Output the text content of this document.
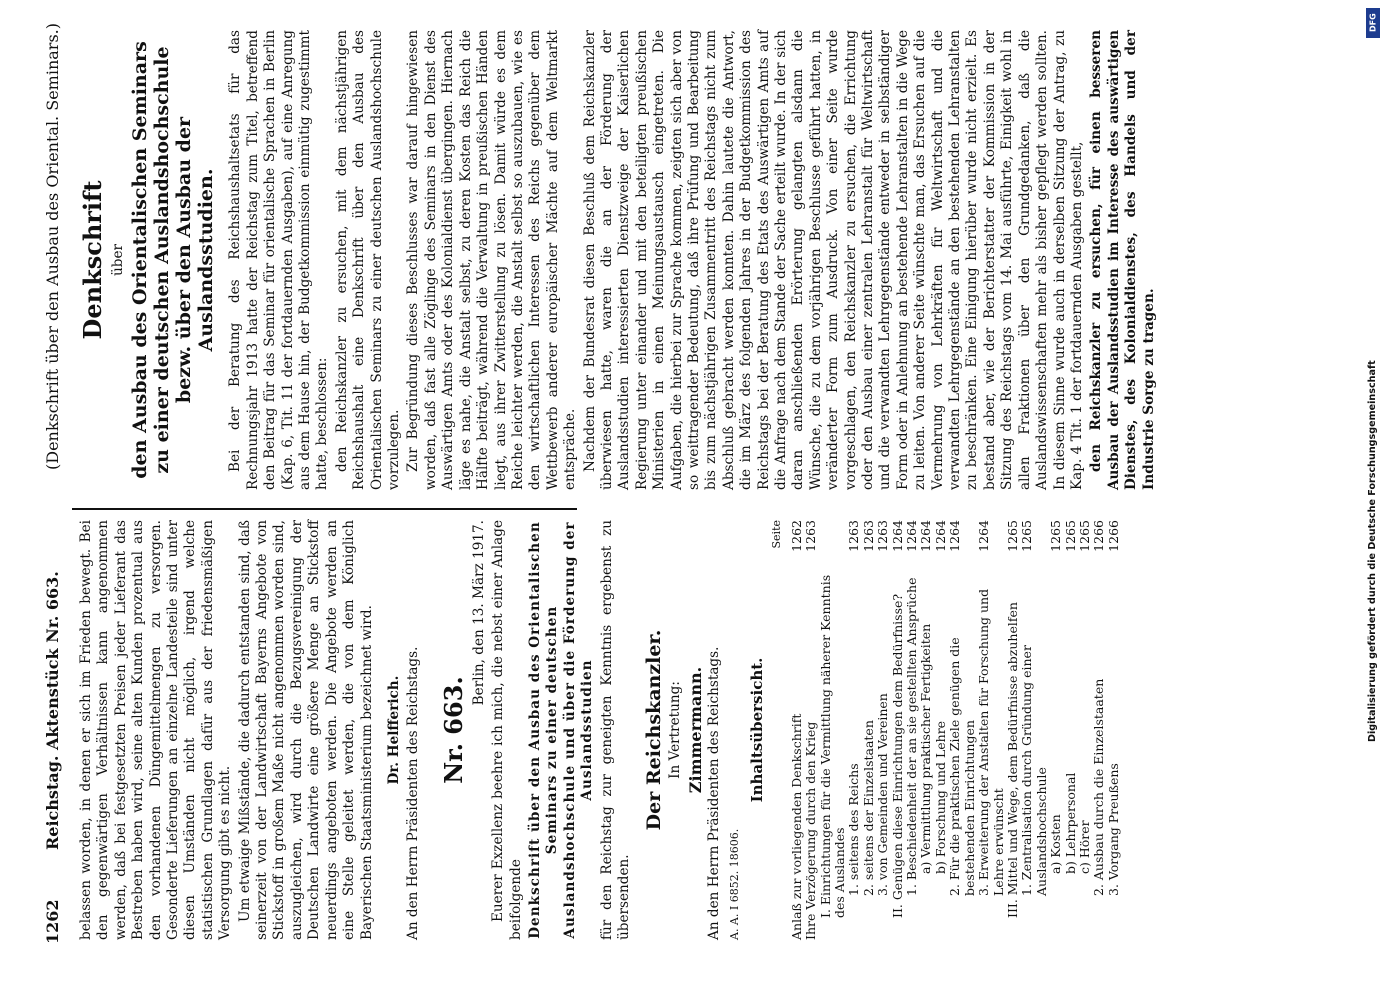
1262
Reichstag. Aktenstück Nr. 663.
(Denkschrift über den Ausbau des Oriental. Seminars.)

belassen worden, in denen er sich im Frieden bewegt. Bei den gegenwärtigen Verhältnissen kann angenommen werden, daß bei festgesetzten Preisen jeder Lieferant das Bestreben haben wird, seine alten Kunden prozentual aus den vorhandenen Düngemittelmengen zu versorgen. Gesonderte Lieferungen an einzelne Landesteile sind unter diesen Umständen nicht möglich, irgend welche statistischen Grundlagen dafür aus der friedensmäßigen Versorgung gibt es nicht. Um etwaige Mißstände, die dadurch entstanden sind, daß seinerzeit von der Landwirtschaft Bayerns Angebote von Stickstoff in großem Maße nicht angenommen worden sind, auszugleichen, wird durch die Bezugsvereinigung der Deutschen Landwirte eine größere Menge an Stickstoff neuerdings angeboten werden. Die Angebote werden an eine Stelle geleitet werden, die von dem Königlich Bayerischen Staatsministerium bezeichnet wird. Dr. Helfferich. An den Herrn Präsidenten des Reichstags. Nr. 663.

Berlin, den 13. März 1917. Euerer Exzellenz beehre ich mich, die nebst einer Anlage beifolgende Denkschrift über den Ausbau des Orientalischen Seminars zu einer deutschen Auslandshochschule und über die Förderung der Auslandsstudien für den Reichstag zur geneigten Kenntnis ergebenst zu übersenden.

Der Reichskanzler. In Vertretung: Zimmermann. An den Herrn Präsidenten des Reichstags. A. A. I 6852. 18606.

Inhaltsübersicht.

Seite
Anlaß zur vorliegenden Denkschrift
1262
Ihre Verzögerung durch den Krieg
1263
I. Einrichtungen für die Vermittlung näherer Kenntnis des Auslandes 1. seitens des Reichs
1263
2. seitens der Einzelstaaten
1263
3. von Gemeinden und Vereinen
1263
II. Genügen diese Einrichtungen dem Bedürfnisse?
1264
1. Beschiedenheit der an sie gestellten Ansprüche
1264
a) Vermittlung praktischer Fertigkeiten
1264
b) Forschung und Lehre
1264
2. Für die praktischen Ziele genügen die bestehenden Einrichtungen
1264
3. Erweiterung der Anstalten für Forschung und Lehre erwünscht
1264
III. Mittel und Wege, dem Bedürfnisse abzuhelfen
1265
1. Zentralisation durch Gründung einer Auslandshochschule
1265
a) Kosten
1265
b) Lehrpersonal
1265
c) Hörer
1265
2. Ausbau durch die Einzelstaaten
1266
3. Vorgang Preußens
1266

Denkschrift über den Ausbau des Orientalischen Seminars zu einer deutschen Auslandshochschule bezw. über den Ausbau der Auslandsstudien. Bei der Beratung des Reichshaushaltsetats für das Rechnungsjahr 1913 hatte der Reichstag zum Titel, betreffend den Beitrag für das Seminar für orientalische Sprachen in Berlin (Kap. 6, Tit. 11 der fortdauernden Ausgaben), auf eine Anregung aus dem Hause hin, der Budgetkommission einmütig zugestimmt hatte, beschlossen: den Reichskanzler zu ersuchen, mit dem nächstjährigen Reichshaushalt eine Denkschrift über den Ausbau des Orientalischen Seminars zu einer deutschen Auslandshochschule vorzulegen. Zur Begründung dieses Beschlusses war darauf hingewiesen worden, daß fast alle Zöglinge des Seminars in den Dienst des Auswärtigen Amts oder des Kolonialdienst übergingen. Hiernach läge es nahe, die Anstalt selbst, zu deren Kosten das Reich die Hälfte beiträgt, während die Verwaltung in preußischen Händen liegt, aus ihrer Zwitterstellung zu lösen. Damit würde es dem Reiche leichter werden, die Anstalt selbst so auszubauen, wie es den wirtschaftlichen Interessen des Reichs gegenüber dem Wettbewerb anderer europäischer Mächte auf dem Weltmarkt entspräche. Nachdem der Bundesrat diesen Beschluß dem Reichskanzler überwiesen hatte, waren die an der Förderung der Auslandsstudien interessierten Dienstzweige der Kaiserlichen Regierung unter einander und mit den beteiligten preußischen Ministerien in einen Meinungsaustausch eingetreten. Die Aufgaben, die hierbei zur Sprache kommen, zeigten sich aber von so weittragender Bedeutung, daß ihre Prüfung und Bearbeitung bis zum nächstjährigen Zusammentritt des Reichstags nicht zum Abschluß gebracht werden konnten. Dahin lautete die Antwort, die im März des folgenden Jahres in der Budgetkommission des Reichstags bei der Beratung des Etats des Auswärtigen Amts auf die Anfrage nach dem Stande der Sache erteilt wurde. In der sich daran anschließenden Erörterung gelangten alsdann die Wünsche, die zu dem vorjährigen Beschlusse geführt hatten, in veränderter Form zum Ausdruck. Von einer Seite wurde vorgeschlagen, den Reichskanzler zu ersuchen, die Errichtung oder den Ausbau einer zentralen Lehranstalt für Weltwirtschaft und die verwandten Lehrgegenstände entweder in selbständiger Form oder in Anlehnung an bestehende Lehranstalten in die Wege zu leiten. Von anderer Seite wünschte man, das Ersuchen auf die Vermehrung von Lehrkräften für Weltwirtschaft und die verwandten Lehrgegenstände an den bestehenden Lehranstalten zu beschränken. Eine Einigung hierüber wurde nicht erzielt. Es bestand aber, wie der Berichterstatter der Kommission in der Sitzung des Reichstags vom 14. Mai ausführte, Einigkeit wohl in allen Fraktionen über den Grundgedanken, daß die Auslandswissenschaften mehr als bisher gepflegt werden sollten. In diesem Sinne wurde auch in derselben Sitzung der Antrag, zu Kap. 4 Tit. 1 der fortdauernden Ausgaben gestellt, den Reichskanzler zu ersuchen, für einen besseren Ausbau der Auslandsstudien im Interesse des auswärtigen Dienstes, des Kolonialdienstes, des Handels und der Industrie Sorge zu tragen.

DFG
Digitalisierung gefördert durch die Deutsche Forschungsgemeinschaft
